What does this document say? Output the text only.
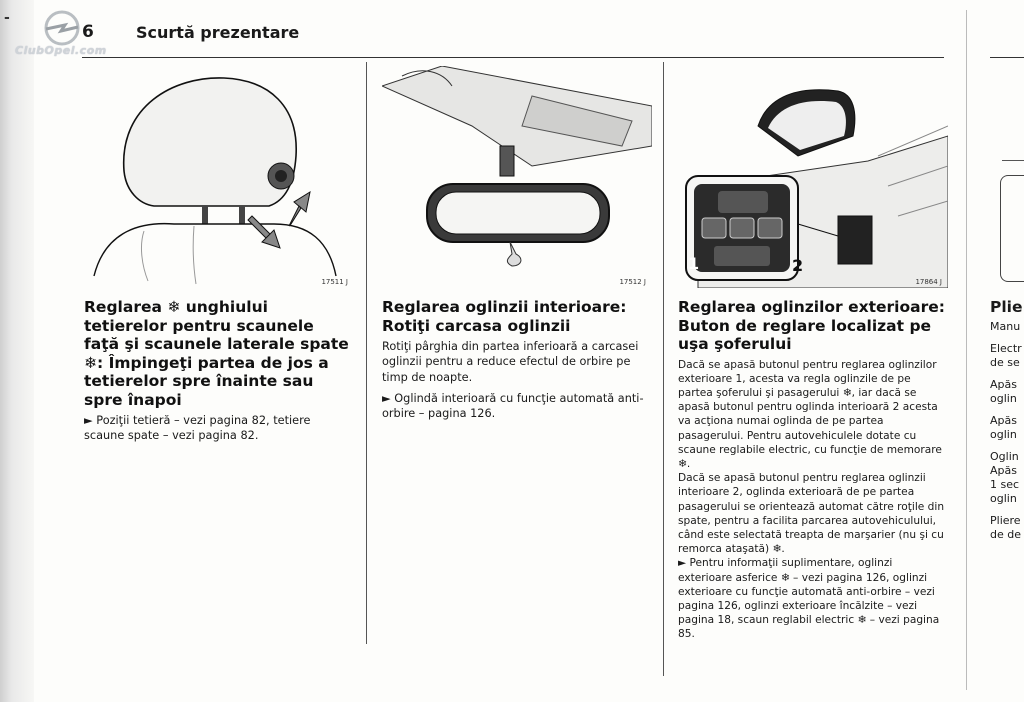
-
ClubOpel.com
6	Scurtă prezentare
17511 J	17512 J
1	2
17864 J
Reglarea ❄ unghiului tetierelor pentru scaunele faţă şi scaunele laterale spate ❄: Împingeţi partea de jos a tetierelor spre înainte sau spre înapoi

► Poziţii tetieră – vezi pagina 82, tetiere scaune spate – vezi pagina 82.

Reglarea oglinzii interioare: Rotiţi carcasa oglinzii

Rotiţi pârghia din partea inferioară a carcasei oglinzii pentru a reduce efectul de orbire pe timp de noapte.

► Oglindă interioară cu funcţie automată anti-orbire – pagina 126.

Reglarea oglinzilor exterioare: Buton de reglare localizat pe uşa şoferului

Dacă se apasă butonul pentru reglarea oglinzilor exterioare 1, acesta va regla oglinzile de pe partea şoferului şi pasagerului ❄, iar dacă se apasă butonul pentru oglinda interioară 2 acesta va acţiona numai oglinda de pe partea pasagerului. Pentru autovehiculele dotate cu scaune reglabile electric, cu funcţie de memorare ❄.

Dacă se apasă butonul pentru reglarea oglinzii interioare 2, oglinda exterioară de pe partea pasagerului se orientează automat către roţile din spate, pentru a facilita parcarea autovehiculului, când este selectată treapta de marşarier (nu şi cu remorca ataşată) ❄.

► Pentru informaţii suplimentare, oglinzi exterioare asferice ❄ – vezi pagina 126, oglinzi exterioare cu funcţie automată anti-orbire – vezi pagina 126, oglinzi exterioare încălzite – vezi pagina 18, scaun reglabil electric ❄ – vezi pagina 85.

Plie
Manu
Electr
de se
Apăs
oglin
Apăs
oglin
Oglin
Apăs
1 sec
oglin
Pliere
de de
